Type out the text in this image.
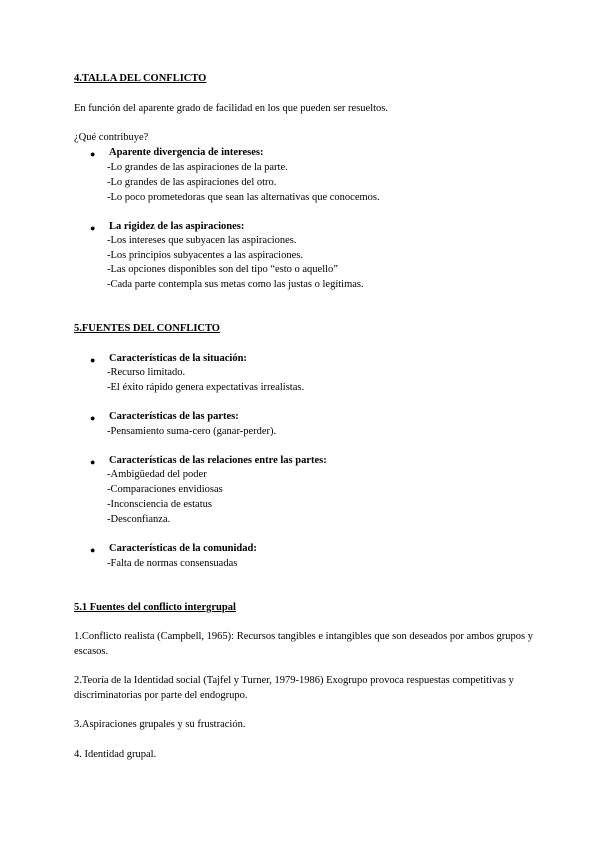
4.TALLA DEL CONFLICTO
En función del aparente grado de facilidad en los que pueden ser resueltos.
¿Qué contribuye?
● Aparente divergencia de intereses:
-Lo grandes de las aspiraciones de la parte.
-Lo grandes de las aspiraciones del otro.
-Lo poco prometedoras que sean las alternativas que conocemos.
● La rigidez de las aspiraciones:
-Los intereses que subyacen las aspiraciones.
-Los principios subyacentes a las aspiraciones.
-Las opciones disponibles son del tipo “esto o aquello”
-Cada parte contempla sus metas como las justas o legítimas.
5.FUENTES DEL CONFLICTO
● Características de la situación:
-Recurso limitado.
-El éxito rápido genera expectativas irrealistas.
● Características de las partes:
-Pensamiento suma-cero (ganar-perder).
● Características de las relaciones entre las partes:
-Ambigüedad del poder
-Comparaciones envidiosas
-Inconsciencia de estatus
-Desconfianza.
● Características de la comunidad:
-Falta de normas consensuadas
5.1 Fuentes del conflicto intergrupal
1.Conflicto realista (Campbell, 1965): Recursos tangibles e intangibles que son deseados por ambos grupos y escasos.
2.Teoría de la Identidad social (Tajfel y Turner, 1979-1986) Exogrupo provoca respuestas competitivas y discriminatorias por parte del endogrupo.
3.Aspiraciones grupales y su frustración.
4. Identidad grupal.
